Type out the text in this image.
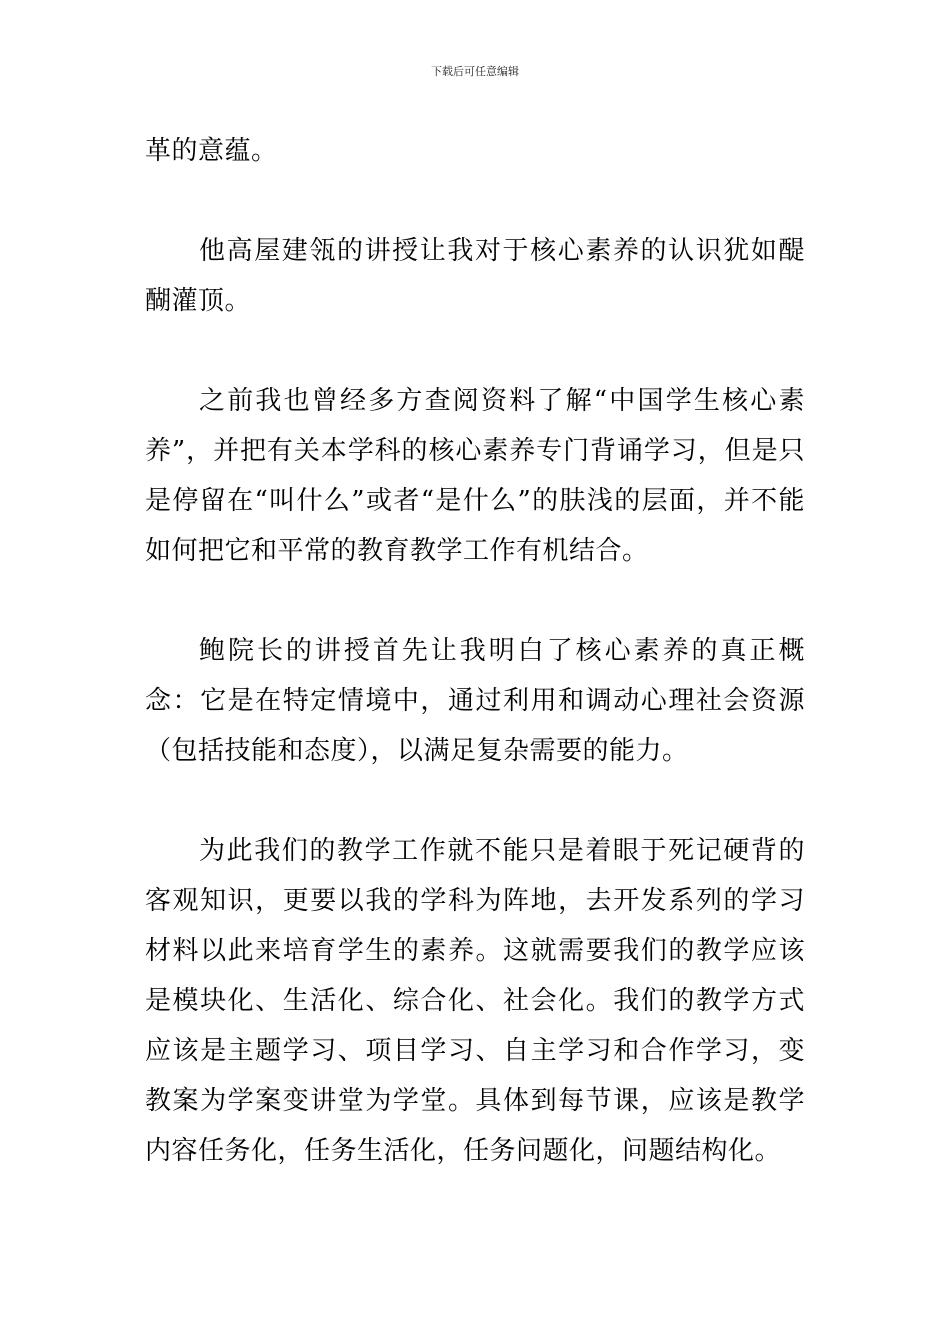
下载后可任意编辑

革的意蕴。

他高屋建瓴的讲授让我对于核心素养的认识犹如醍醐灌顶。

之前我也曾经多方查阅资料了解“中国学生核心素养”，并把有关本学科的核心素养专门背诵学习，但是只是停留在“叫什么”或者“是什么”的肤浅的层面，并不能如何把它和平常的教育教学工作有机结合。

鲍院长的讲授首先让我明白了核心素养的真正概念：它是在特定情境中，通过利用和调动心理社会资源（包括技能和态度），以满足复杂需要的能力。

为此我们的教学工作就不能只是着眼于死记硬背的客观知识，更要以我的学科为阵地，去开发系列的学习材料以此来培育学生的素养。这就需要我们的教学应该是模块化、生活化、综合化、社会化。我们的教学方式应该是主题学习、项目学习、自主学习和合作学习，变教案为学案变讲堂为学堂。具体到每节课，应该是教学内容任务化，任务生活化，任务问题化，问题结构化。
